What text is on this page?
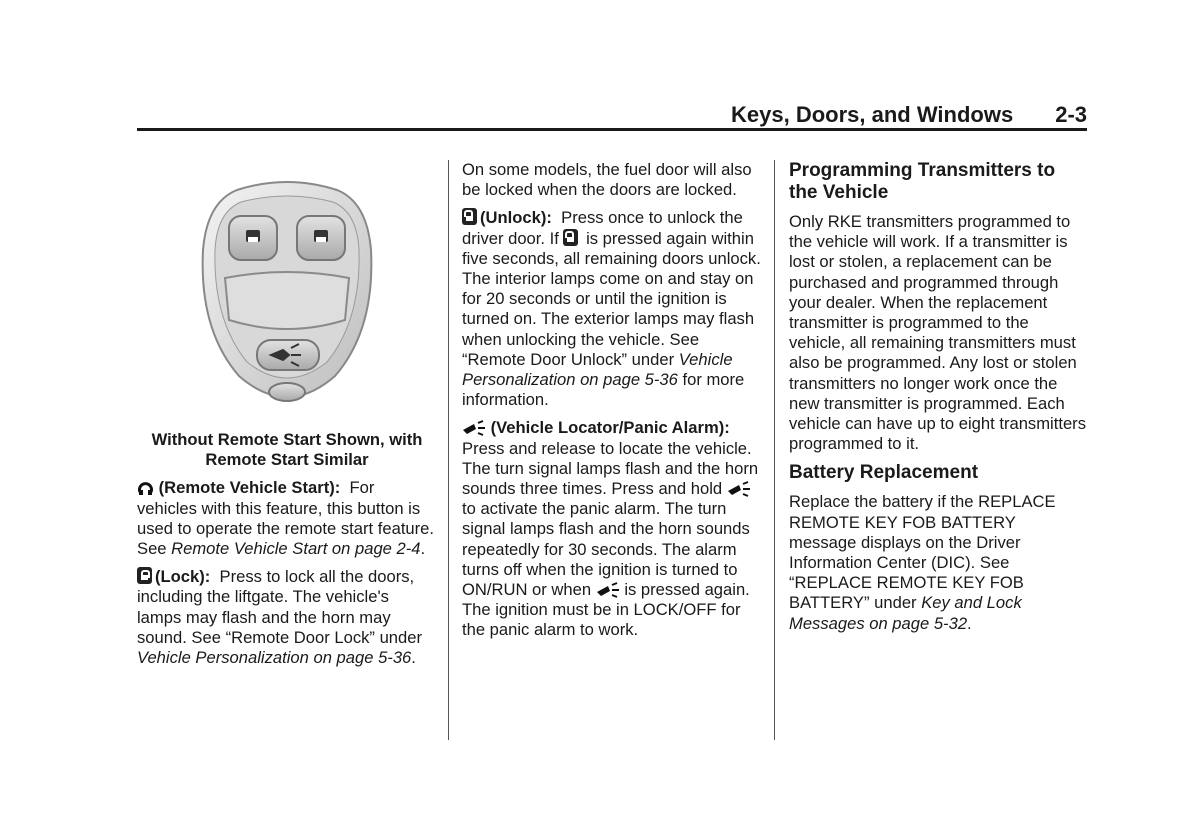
Keys, Doors, and Windows 2-3
Without Remote Start Shown, with
Remote Start Similar

(Remote Vehicle Start): For vehicles with this feature, this button is used to operate the remote start feature. See Remote Vehicle Start on page 2-4.

(Lock): Press to lock all the doors, including the liftgate. The vehicle's lamps may flash and the horn may sound. See “Remote Door Lock” under Vehicle Personalization on page 5-36.

On some models, the fuel door will also be locked when the doors are locked.

(Unlock): Press once to unlock the driver door. If  is pressed again within five seconds, all remaining doors unlock. The interior lamps come on and stay on for 20 seconds or until the ignition is turned on. The exterior lamps may flash when unlocking the vehicle. See “Remote Door Unlock” under Vehicle Personalization on page 5-36 for more information.

(Vehicle Locator/Panic Alarm):  Press and release to locate the vehicle. The turn signal lamps flash and the horn sounds three times. Press and hold  to activate the panic alarm. The turn signal lamps flash and the horn sounds repeatedly for 30 seconds. The alarm turns off when the ignition is turned to ON/RUN or when  is pressed again. The ignition must be in LOCK/OFF for the panic alarm to work.

Programming Transmitters to the Vehicle

Only RKE transmitters programmed to the vehicle will work. If a transmitter is lost or stolen, a replacement can be purchased and programmed through your dealer. When the replacement transmitter is programmed to the vehicle, all remaining transmitters must also be programmed. Any lost or stolen transmitters no longer work once the new transmitter is programmed. Each vehicle can have up to eight transmitters programmed to it.

Battery Replacement

Replace the battery if the REPLACE REMOTE KEY FOB BATTERY message displays on the Driver Information Center (DIC). See “REPLACE REMOTE KEY FOB BATTERY” under Key and Lock Messages on page 5-32.
